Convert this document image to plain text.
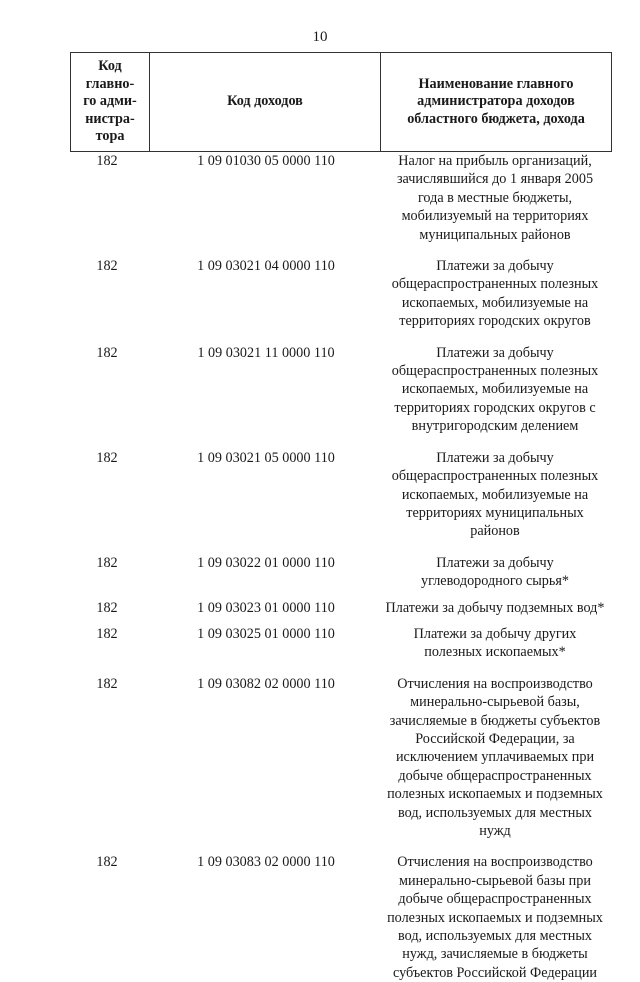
10
Код главно-го адми-нистра-тора	Код доходов	Наименование главного администратора доходов областного бюджета, дохода

182	1 09 01030 05 0000 110	Налог на прибыль организаций, зачислявшийся до 1 января 2005 года в местные бюджеты, мобилизуемый на территориях муниципальных районов
182	1 09 03021 04 0000 110	Платежи за добычу общераспространенных полезных ископаемых, мобилизуемые на территориях городских округов
182	1 09 03021 11 0000 110	Платежи за добычу общераспространенных полезных ископаемых, мобилизуемые на территориях городских округов с внутригородским делением
182	1 09 03021 05 0000 110	Платежи за добычу общераспространенных полезных ископаемых, мобилизуемые на территориях муниципальных районов
182	1 09 03022 01 0000 110	Платежи за добычу углеводородного сырья*
182	1 09 03023 01 0000 110	Платежи за добычу подземных вод*
182	1 09 03025 01 0000 110	Платежи за добычу других полезных ископаемых*
182	1 09 03082 02 0000 110	Отчисления на воспроизводство минерально-сырьевой базы, зачисляемые в бюджеты субъектов Российской Федерации, за исключением уплачиваемых при добыче общераспространенных полезных ископаемых и подземных вод, используемых для местных нужд
182	1 09 03083 02 0000 110	Отчисления на воспроизводство минерально-сырьевой базы при добыче общераспространенных полезных ископаемых и подземных вод, используемых для местных нужд, зачисляемые в бюджеты субъектов Российской Федерации
